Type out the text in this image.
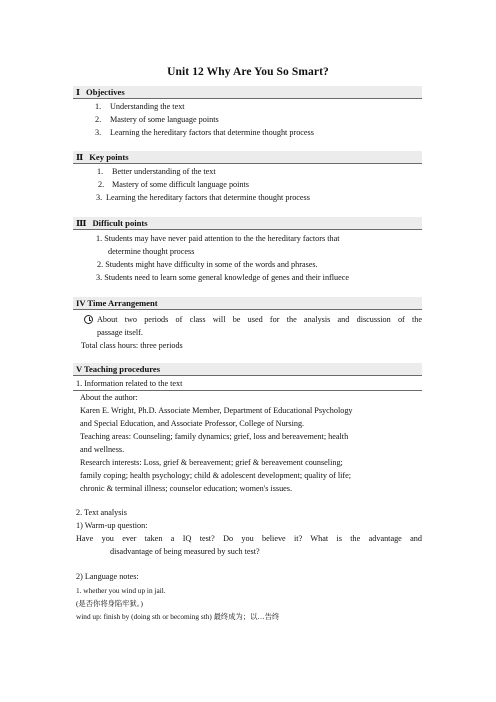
Unit 12 Why Are You So Smart?
Ⅰ Objectives
1. Understanding the text
2. Mastery of some language points
3. Learning the hereditary factors that determine thought process
Ⅱ Key points
1. Better understanding of the text
2. Mastery of some difficult language points
3. Learning the hereditary factors that determine thought process
Ⅲ Difficult points
1. Students may have never paid attention to the the hereditary factors that
determine thought process
2. Students might have difficulty in some of the words and phrases.
3. Students need to learn some general knowledge of genes and their influece
IV Time Arrangement
About two periods of class will be used for the analysis and discussion of the
passage itself.
Total class hours: three periods
V Teaching procedures
1. Information related to the text
About the author:
Karen E. Wright, Ph.D. Associate Member, Department of Educational Psychology
and Special Education, and Associate Professor, College of Nursing.
Teaching areas: Counseling; family dynamics; grief, loss and bereavement; health
and wellness.
Research interests: Loss, grief & bereavement; grief & bereavement counseling;
family coping; health psychology; child & adolescent development; quality of life;
chronic & terminal illness; counselor education; women's issues.
2. Text analysis
1) Warm-up question:
Have you ever taken a IQ test? Do you believe it? What is the advantage and
disadvantage of being measured by such test?
2) Language notes:
1. whether you wind up in jail.
(是否你将身陷牢狱。)
wind up: finish by (doing sth or becoming sth) 最终成为；以…告终
